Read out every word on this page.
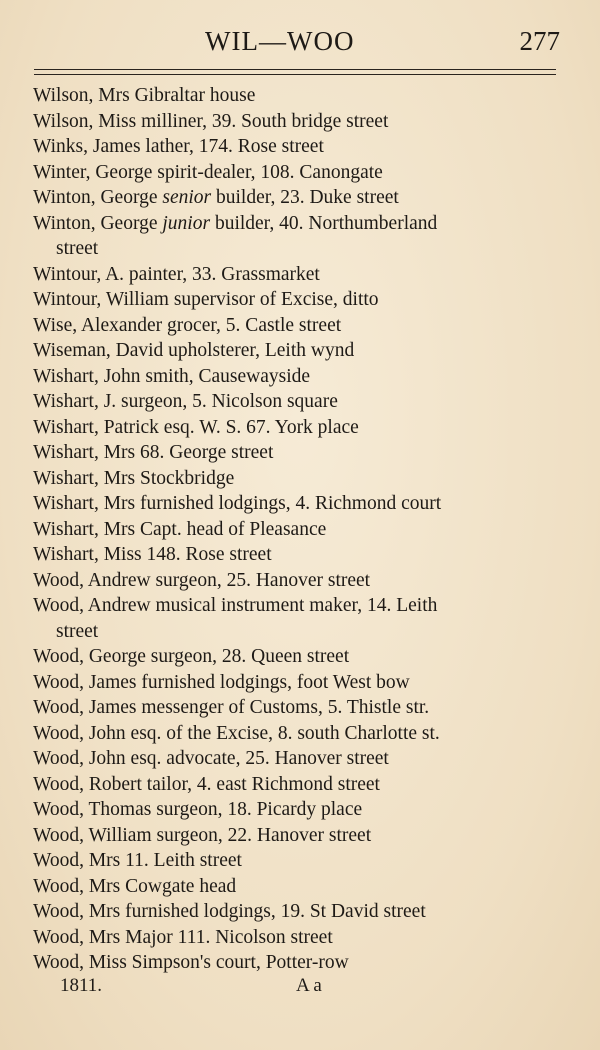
WIL—WOO	277
Wilson, Mrs Gibraltar house
Wilson, Miss milliner, 39. South bridge street
Winks, James lather, 174. Rose street
Winter, George spirit-dealer, 108. Canongate
Winton, George senior builder, 23. Duke street
Winton, George junior builder, 40. Northumberland
street
Wintour, A. painter, 33. Grassmarket
Wintour, William supervisor of Excise, ditto
Wise, Alexander grocer, 5. Castle street
Wiseman, David upholsterer, Leith wynd
Wishart, John smith, Causewayside
Wishart, J. surgeon, 5. Nicolson square
Wishart, Patrick esq. W. S. 67. York place
Wishart, Mrs 68. George street
Wishart, Mrs Stockbridge
Wishart, Mrs furnished lodgings, 4. Richmond court
Wishart, Mrs Capt. head of Pleasance
Wishart, Miss 148. Rose street
Wood, Andrew surgeon, 25. Hanover street
Wood, Andrew musical instrument maker, 14. Leith
street
Wood, George surgeon, 28. Queen street
Wood, James furnished lodgings, foot West bow
Wood, James messenger of Customs, 5. Thistle str.
Wood, John esq. of the Excise, 8. south Charlotte st.
Wood, John esq. advocate, 25. Hanover street
Wood, Robert tailor, 4. east Richmond street
Wood, Thomas surgeon, 18. Picardy place
Wood, William surgeon, 22. Hanover street
Wood, Mrs 11. Leith street
Wood, Mrs Cowgate head
Wood, Mrs furnished lodgings, 19. St David street
Wood, Mrs Major 111. Nicolson street
Wood, Miss Simpson's court, Potter-row
1811.	A a
